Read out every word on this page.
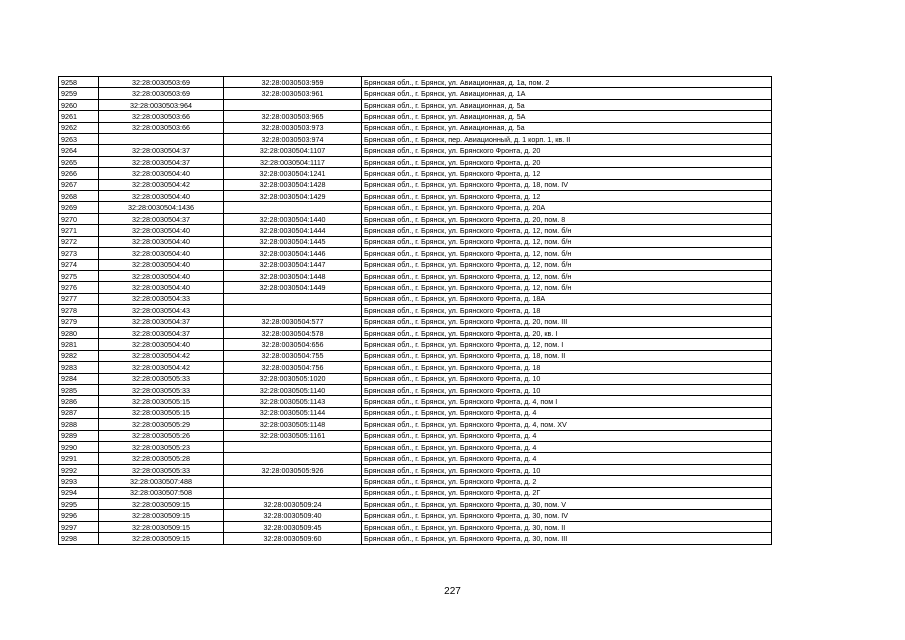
9258	32:28:0030503:69	32:28:0030503:959	Брянская обл., г. Брянск, ул. Авиационная, д. 1а, пом. 2
9259	32:28:0030503:69	32:28:0030503:961	Брянская обл., г. Брянск, ул. Авиационная, д. 1А
9260	32:28:0030503:964		Брянская обл., г. Брянск, ул. Авиационная, д. 5а
9261	32:28:0030503:66	32:28:0030503:965	Брянская обл., г. Брянск, ул. Авиационная, д. 5А
9262	32:28:0030503:66	32:28:0030503:973	Брянская обл., г. Брянск, ул. Авиационная, д. 5а
9263		32:28:0030503:974	Брянская обл., г. Брянск, пер. Авиационный, д. 1 корп. 1, кв. II
9264	32:28:0030504:37	32:28:0030504:1107	Брянская обл., г. Брянск, ул. Брянского Фронта, д. 20
9265	32:28:0030504:37	32:28:0030504:1117	Брянская обл., г. Брянск, ул. Брянского Фронта, д. 20
9266	32:28:0030504:40	32:28:0030504:1241	Брянская обл., г. Брянск, ул. Брянского Фронта, д. 12
9267	32:28:0030504:42	32:28:0030504:1428	Брянская обл., г. Брянск, ул. Брянского Фронта, д. 18, пом. IV
9268	32:28:0030504:40	32:28:0030504:1429	Брянская обл., г. Брянск, ул. Брянского Фронта, д. 12
9269	32:28:0030504:1436		Брянская обл., г. Брянск, ул. Брянского Фронта, д. 20А
9270	32:28:0030504:37	32:28:0030504:1440	Брянская обл., г. Брянск, ул. Брянского Фронта, д. 20, пом. 8
9271	32:28:0030504:40	32:28:0030504:1444	Брянская обл., г. Брянск, ул. Брянского Фронта, д. 12, пом. б/н
9272	32:28:0030504:40	32:28:0030504:1445	Брянская обл., г. Брянск, ул. Брянского Фронта, д. 12, пом. б/н
9273	32:28:0030504:40	32:28:0030504:1446	Брянская обл., г. Брянск, ул. Брянского Фронта, д. 12, пом. б/н
9274	32:28:0030504:40	32:28:0030504:1447	Брянская обл., г. Брянск, ул. Брянского Фронта, д. 12, пом. б/н
9275	32:28:0030504:40	32:28:0030504:1448	Брянская обл., г. Брянск, ул. Брянского Фронта, д. 12, пом. б/н
9276	32:28:0030504:40	32:28:0030504:1449	Брянская обл., г. Брянск, ул. Брянского Фронта, д. 12, пом. б/н
9277	32:28:0030504:33		Брянская обл., г. Брянск, ул. Брянского Фронта, д. 18А
9278	32:28:0030504:43		Брянская обл., г. Брянск, ул. Брянского Фронта, д. 18
9279	32:28:0030504:37	32:28:0030504:577	Брянская обл., г. Брянск, ул. Брянского Фронта, д. 20, пом. III
9280	32:28:0030504:37	32:28:0030504:578	Брянская обл., г. Брянск, ул. Брянского Фронта, д. 20, кв. I
9281	32:28:0030504:40	32:28:0030504:656	Брянская обл., г. Брянск, ул. Брянского Фронта, д. 12, пом. I
9282	32:28:0030504:42	32:28:0030504:755	Брянская обл., г. Брянск, ул. Брянского Фронта, д. 18, пом. II
9283	32:28:0030504:42	32:28:0030504:756	Брянская обл., г. Брянск, ул. Брянского Фронта, д. 18
9284	32:28:0030505:33	32:28:0030505:1020	Брянская обл., г. Брянск, ул. Брянского Фронта, д. 10
9285	32:28:0030505:33	32:28:0030505:1140	Брянская обл., г. Брянск, ул. Брянского Фронта, д. 10
9286	32:28:0030505:15	32:28:0030505:1143	Брянская обл., г. Брянск, ул. Брянского Фронта, д. 4, пом I
9287	32:28:0030505:15	32:28:0030505:1144	Брянская обл., г. Брянск, ул. Брянского Фронта, д. 4
9288	32:28:0030505:29	32:28:0030505:1148	Брянская обл., г. Брянск, ул. Брянского Фронта, д. 4, пом. XV
9289	32:28:0030505:26	32:28:0030505:1161	Брянская обл., г. Брянск, ул. Брянского Фронта, д. 4
9290	32:28:0030505:23		Брянская обл., г. Брянск, ул. Брянского Фронта, д. 4
9291	32:28:0030505:28		Брянская обл., г. Брянск, ул. Брянского Фронта, д. 4
9292	32:28:0030505:33	32:28:0030505:926	Брянская обл., г. Брянск, ул. Брянского Фронта, д. 10
9293	32:28:0030507:488		Брянская обл., г. Брянск, ул. Брянского Фронта, д. 2
9294	32:28:0030507:508		Брянская обл., г. Брянск, ул. Брянского Фронта, д. 2Г
9295	32:28:0030509:15	32:28:0030509:24	Брянская обл., г. Брянск, ул. Брянского Фронта, д. 30, пом. V
9296	32:28:0030509:15	32:28:0030509:40	Брянская обл., г. Брянск, ул. Брянского Фронта, д. 30, пом. IV
9297	32:28:0030509:15	32:28:0030509:45	Брянская обл., г. Брянск, ул. Брянского Фронта, д. 30, пом. II
9298	32:28:0030509:15	32:28:0030509:60	Брянская обл., г. Брянск, ул. Брянского Фронта, д. 30, пом. III
227
